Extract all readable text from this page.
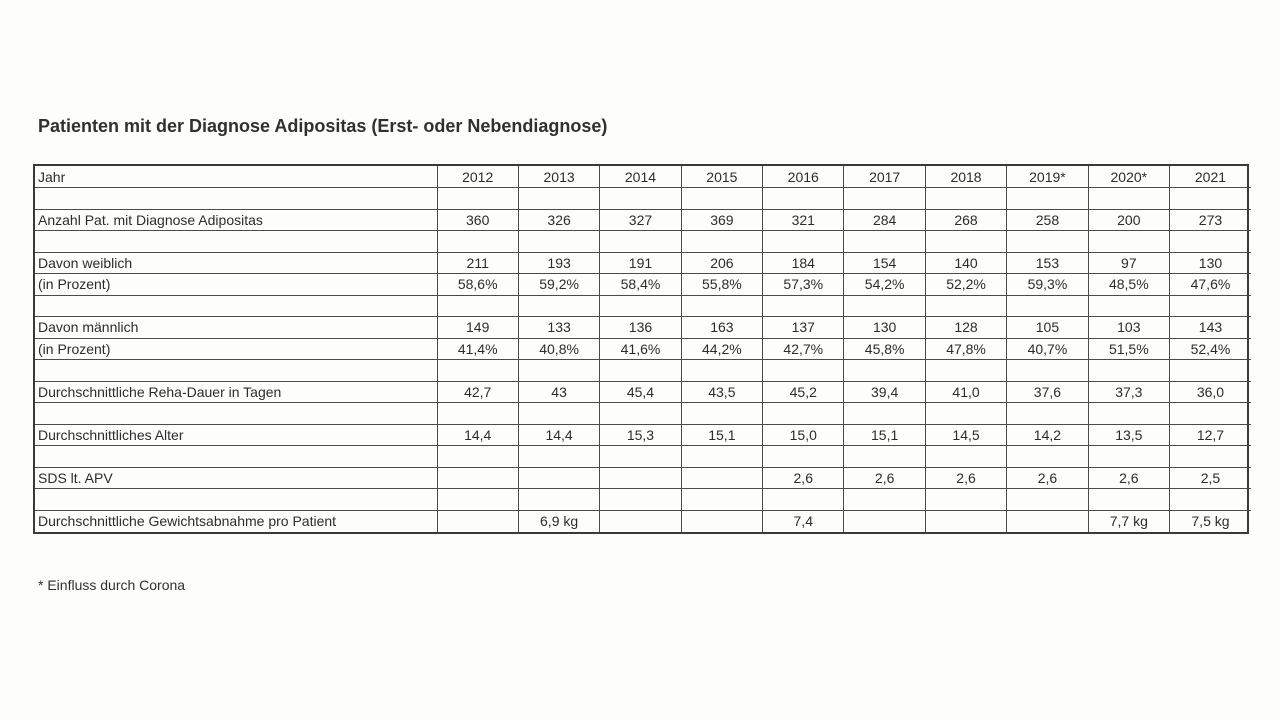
Patienten mit der Diagnose Adipositas (Erst- oder Nebendiagnose)
Jahr	2012	2013	2014	2015	2016	2017	2018	2019*	2020*	2021

Anzahl Pat. mit Diagnose Adipositas	360	326	327	369	321	284	268	258	200	273

Davon weiblich	211	193	191	206	184	154	140	153	97	130
(in Prozent)	58,6%	59,2%	58,4%	55,8%	57,3%	54,2%	52,2%	59,3%	48,5%	47,6%

Davon männlich	149	133	136	163	137	130	128	105	103	143
(in Prozent)	41,4%	40,8%	41,6%	44,2%	42,7%	45,8%	47,8%	40,7%	51,5%	52,4%

Durchschnittliche Reha-Dauer in Tagen	42,7	43	45,4	43,5	45,2	39,4	41,0	37,6	37,3	36,0

Durchschnittliches Alter	14,4	14,4	15,3	15,1	15,0	15,1	14,5	14,2	13,5	12,7

SDS lt. APV					2,6	2,6	2,6	2,6	2,6	2,5

Durchschnittliche Gewichtsabnahme pro Patient		6,9 kg			7,4				7,7 kg	7,5 kg
* Einfluss durch Corona
